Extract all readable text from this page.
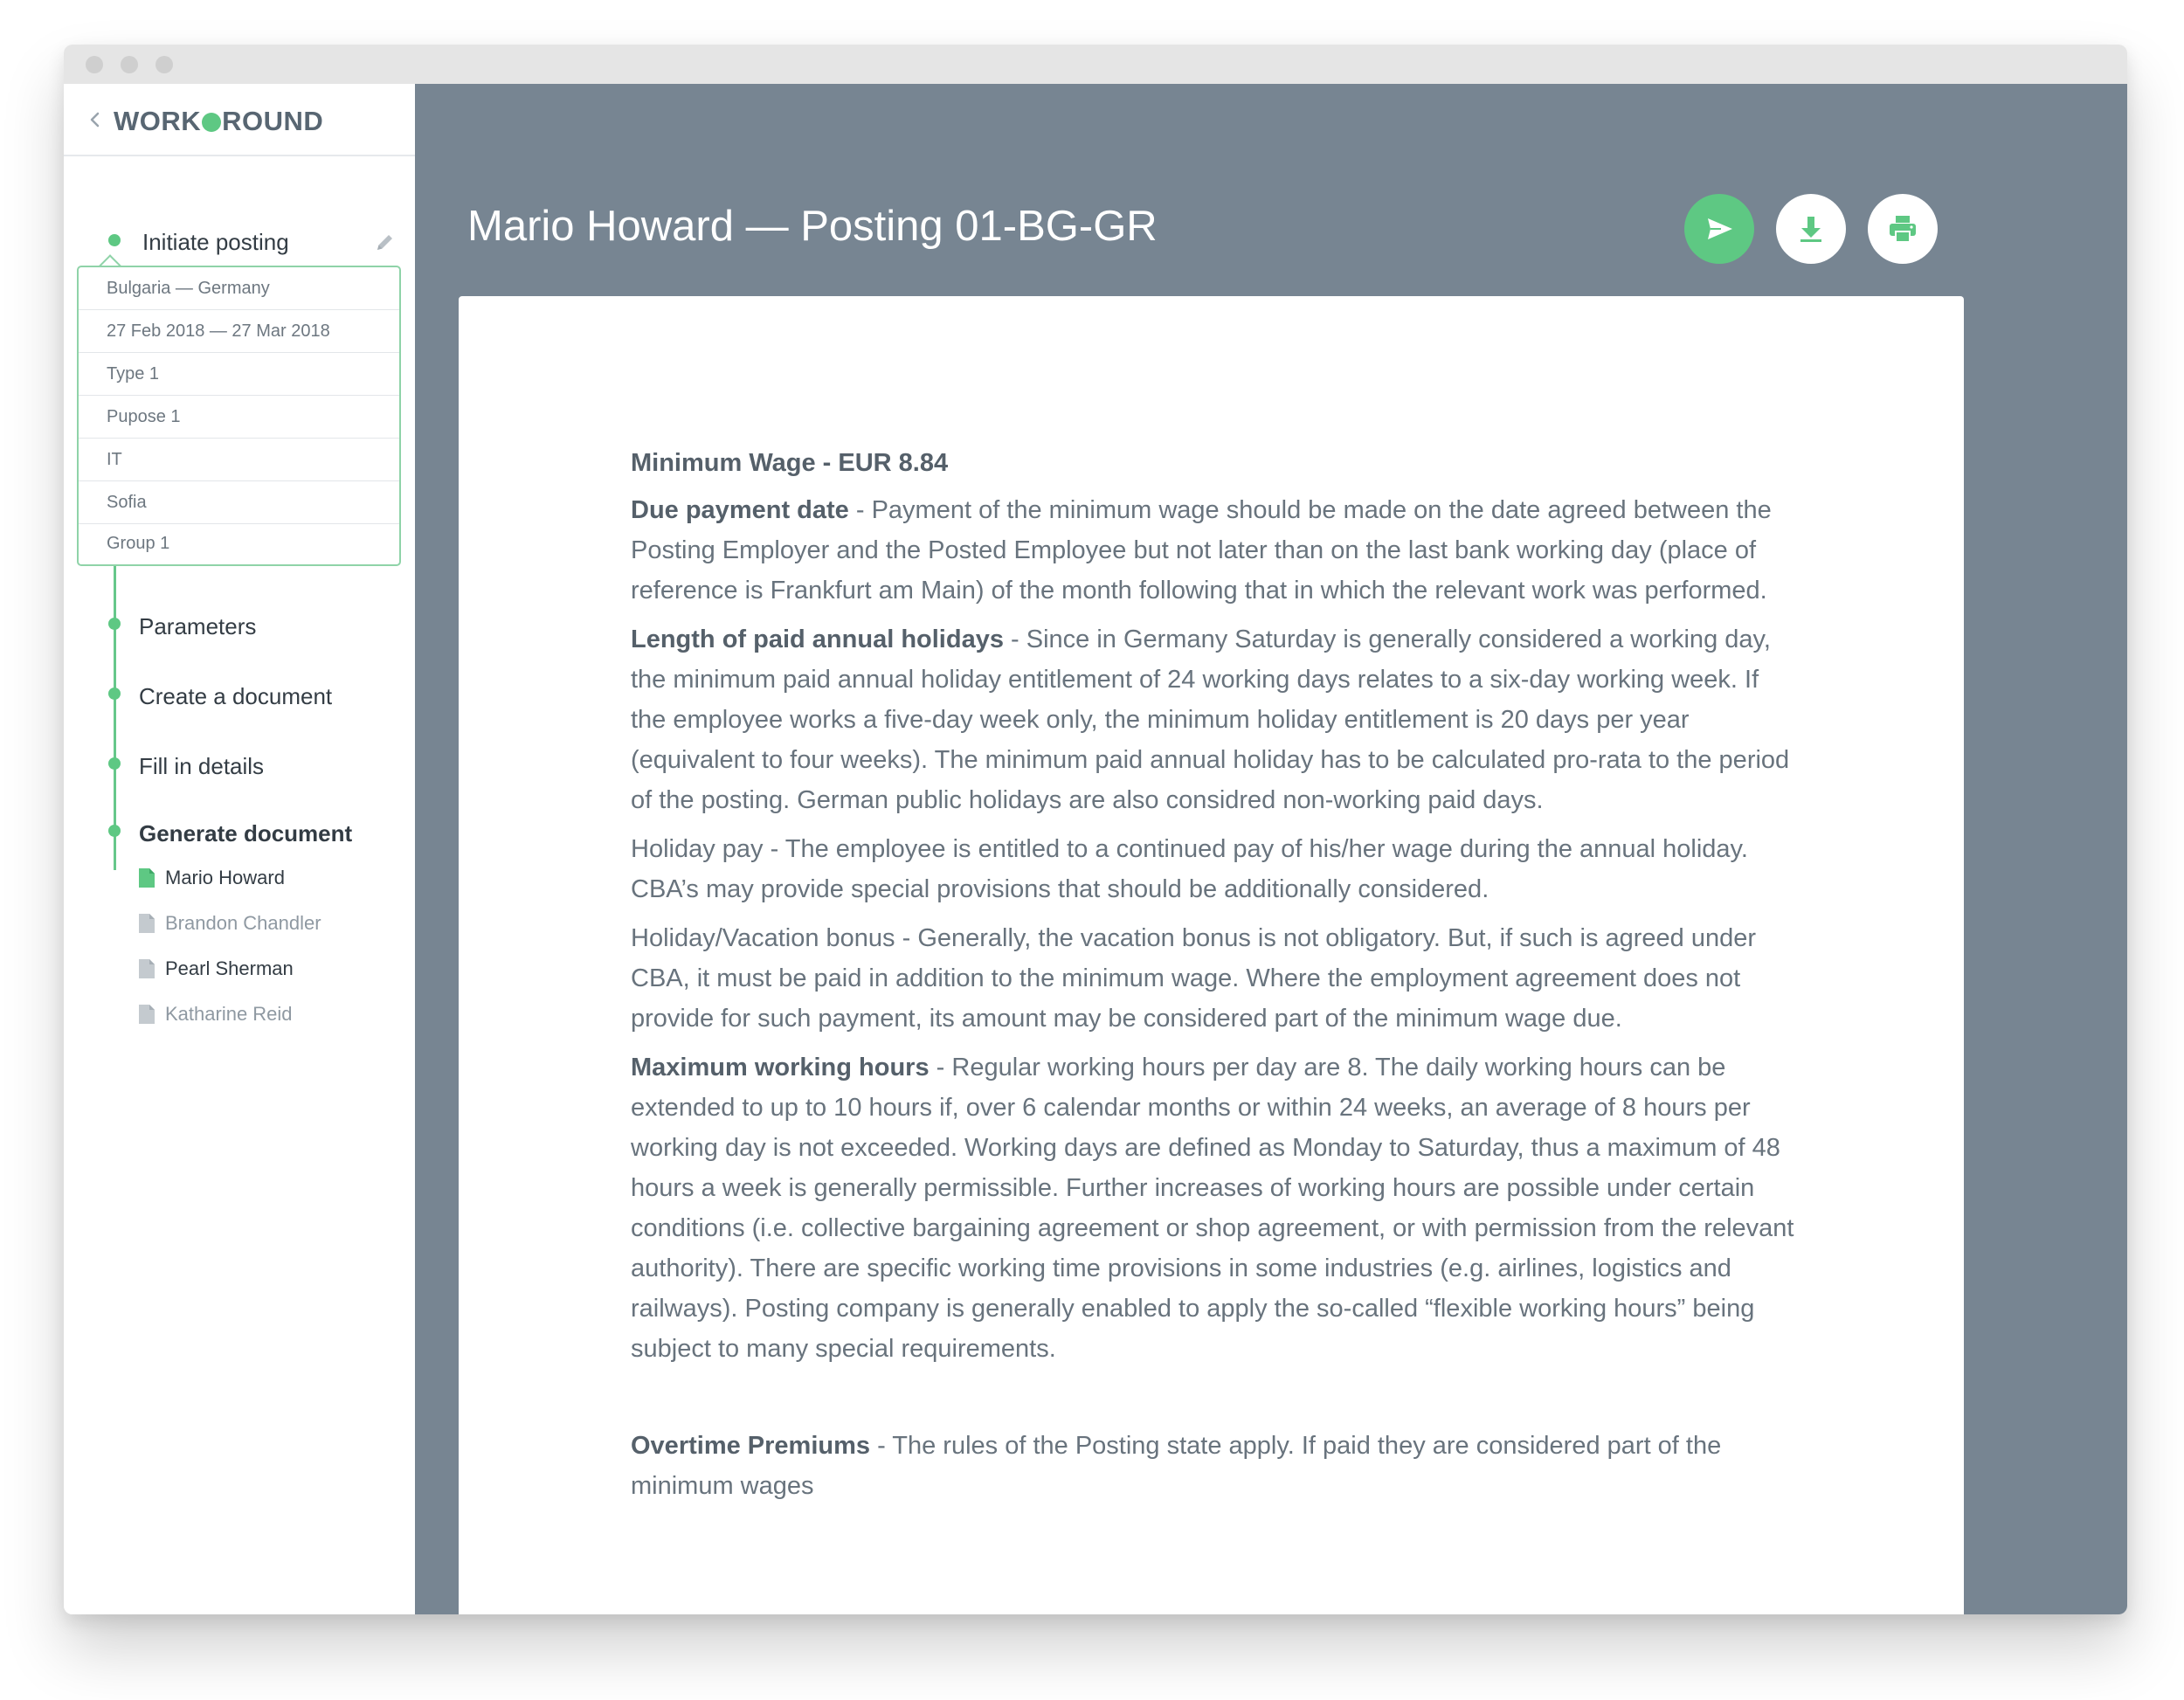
WORK ROUND
Initiate posting
Bulgaria — Germany
27 Feb 2018 — 27 Mar 2018
Type 1
Pupose 1
IT
Sofia
Group 1
Parameters
Create a document
Fill in details
Generate document
Mario Howard
Brandon Chandler
Pearl Sherman
Katharine Reid
Mario Howard — Posting 01-BG-GR
Minimum Wage - EUR 8.84

Due payment date - Payment of the minimum wage should be made on the date agreed between the Posting Employer and the Posted Employee but not later than on the last bank working day (place of reference is Frankfurt am Main) of the month following that in which the relevant work was performed.

Length of paid annual holidays - Since in Germany Saturday is generally considered a working day, the minimum paid annual holiday entitlement of 24 working days relates to a six-day working week. If the employee works a five-day week only, the minimum holiday entitlement is 20 days per year (equivalent to four weeks). The minimum paid annual holiday has to be calculated pro-rata to the period of the posting. German public holidays are also considred non-working paid days.

Holiday pay - The employee is entitled to a continued pay of his/her wage during the annual holiday. CBA’s may provide special provisions that should be additionally considered.

Holiday/Vacation bonus - Generally, the vacation bonus is not obligatory. But, if such is agreed under CBA, it must be paid in addition to the minimum wage. Where the employment agreement does not provide for such payment, its amount may be considered part of the minimum wage due.

Maximum working hours - Regular working hours per day are 8. The daily working hours can be extended to up to 10 hours if, over 6 calendar months or within 24 weeks, an average of 8 hours per working day is not exceeded. Working days are defined as Monday to Saturday, thus a maximum of 48 hours a week is generally permissible. Further increases of working hours are possible under certain conditions (i.e. collective bargaining agreement or shop agreement, or with permission from the relevant authority). There are specific working time provisions in some industries (e.g. airlines, logistics and railways). Posting company is generally enabled to apply the so-called “flexible working hours” being subject to many special requirements.

Overtime Premiums - The rules of the Posting state apply. If paid they are considered part of the minimum wages
